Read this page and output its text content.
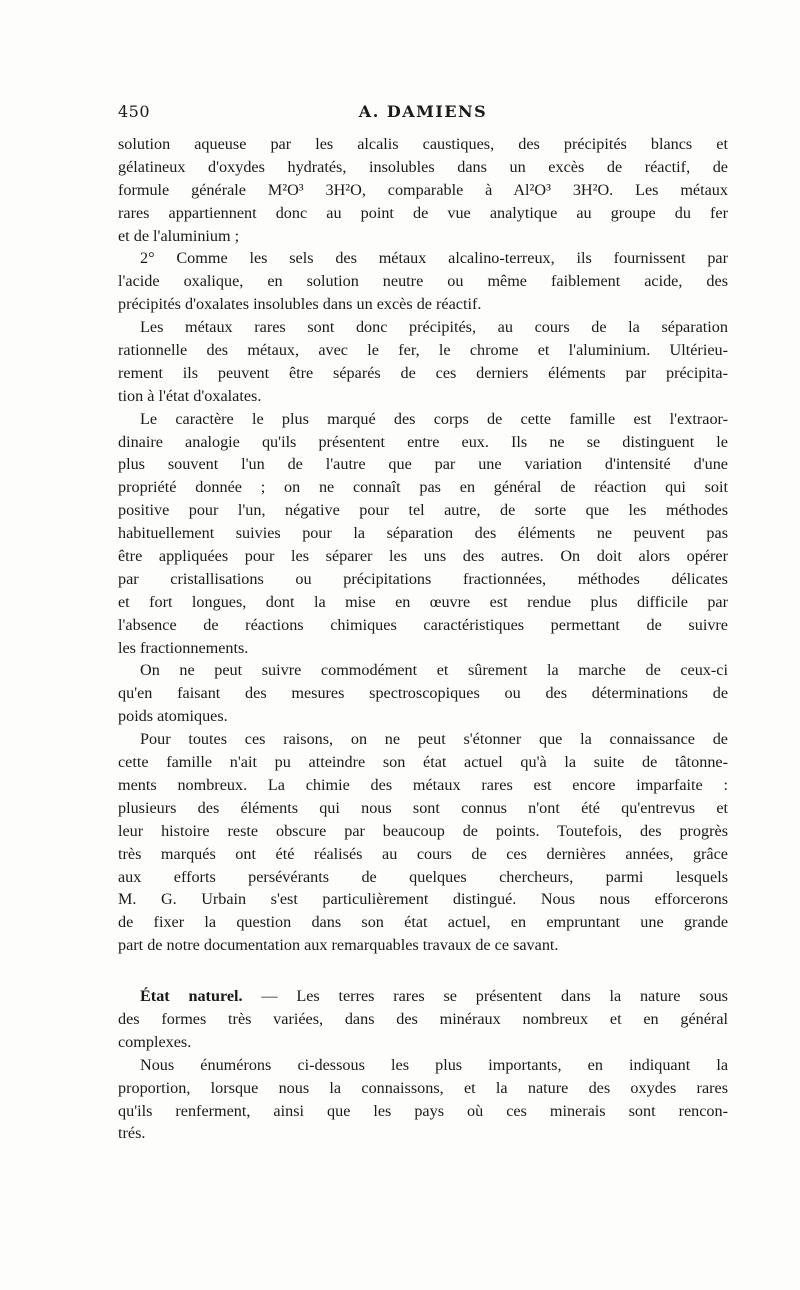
450	A. DAMIENS
solution aqueuse par les alcalis caustiques, des précipités blancs et
gélatineux d'oxydes hydratés, insolubles dans un excès de réactif, de
formule générale M²O³ 3H²O, comparable à Al²O³ 3H²O. Les métaux
rares appartiennent donc au point de vue analytique au groupe du fer
et de l'aluminium ;
2° Comme les sels des métaux alcalino-terreux, ils fournissent par
l'acide oxalique, en solution neutre ou même faiblement acide, des
précipités d'oxalates insolubles dans un excès de réactif.
Les métaux rares sont donc précipités, au cours de la séparation
rationnelle des métaux, avec le fer, le chrome et l'aluminium. Ultérieu-
rement ils peuvent être séparés de ces derniers éléments par précipita-
tion à l'état d'oxalates.
Le caractère le plus marqué des corps de cette famille est l'extraor-
dinaire analogie qu'ils présentent entre eux. Ils ne se distinguent le
plus souvent l'un de l'autre que par une variation d'intensité d'une
propriété donnée ; on ne connaît pas en général de réaction qui soit
positive pour l'un, négative pour tel autre, de sorte que les méthodes
habituellement suivies pour la séparation des éléments ne peuvent pas
être appliquées pour les séparer les uns des autres. On doit alors opérer
par cristallisations ou précipitations fractionnées, méthodes délicates
et fort longues, dont la mise en œuvre est rendue plus difficile par
l'absence de réactions chimiques caractéristiques permettant de suivre
les fractionnements.
On ne peut suivre commodément et sûrement la marche de ceux-ci
qu'en faisant des mesures spectroscopiques ou des déterminations de
poids atomiques.
Pour toutes ces raisons, on ne peut s'étonner que la connaissance de
cette famille n'ait pu atteindre son état actuel qu'à la suite de tâtonne-
ments nombreux. La chimie des métaux rares est encore imparfaite :
plusieurs des éléments qui nous sont connus n'ont été qu'entrevus et
leur histoire reste obscure par beaucoup de points. Toutefois, des progrès
très marqués ont été réalisés au cours de ces dernières années, grâce
aux efforts persévérants de quelques chercheurs, parmi lesquels
M. G. Urbain s'est particulièrement distingué. Nous nous efforcerons
de fixer la question dans son état actuel, en empruntant une grande
part de notre documentation aux remarquables travaux de ce savant.
État naturel. — Les terres rares se présentent dans la nature sous
des formes très variées, dans des minéraux nombreux et en général
complexes.
Nous énumérons ci-dessous les plus importants, en indiquant la
proportion, lorsque nous la connaissons, et la nature des oxydes rares
qu'ils renferment, ainsi que les pays où ces minerais sont rencon-
trés.
